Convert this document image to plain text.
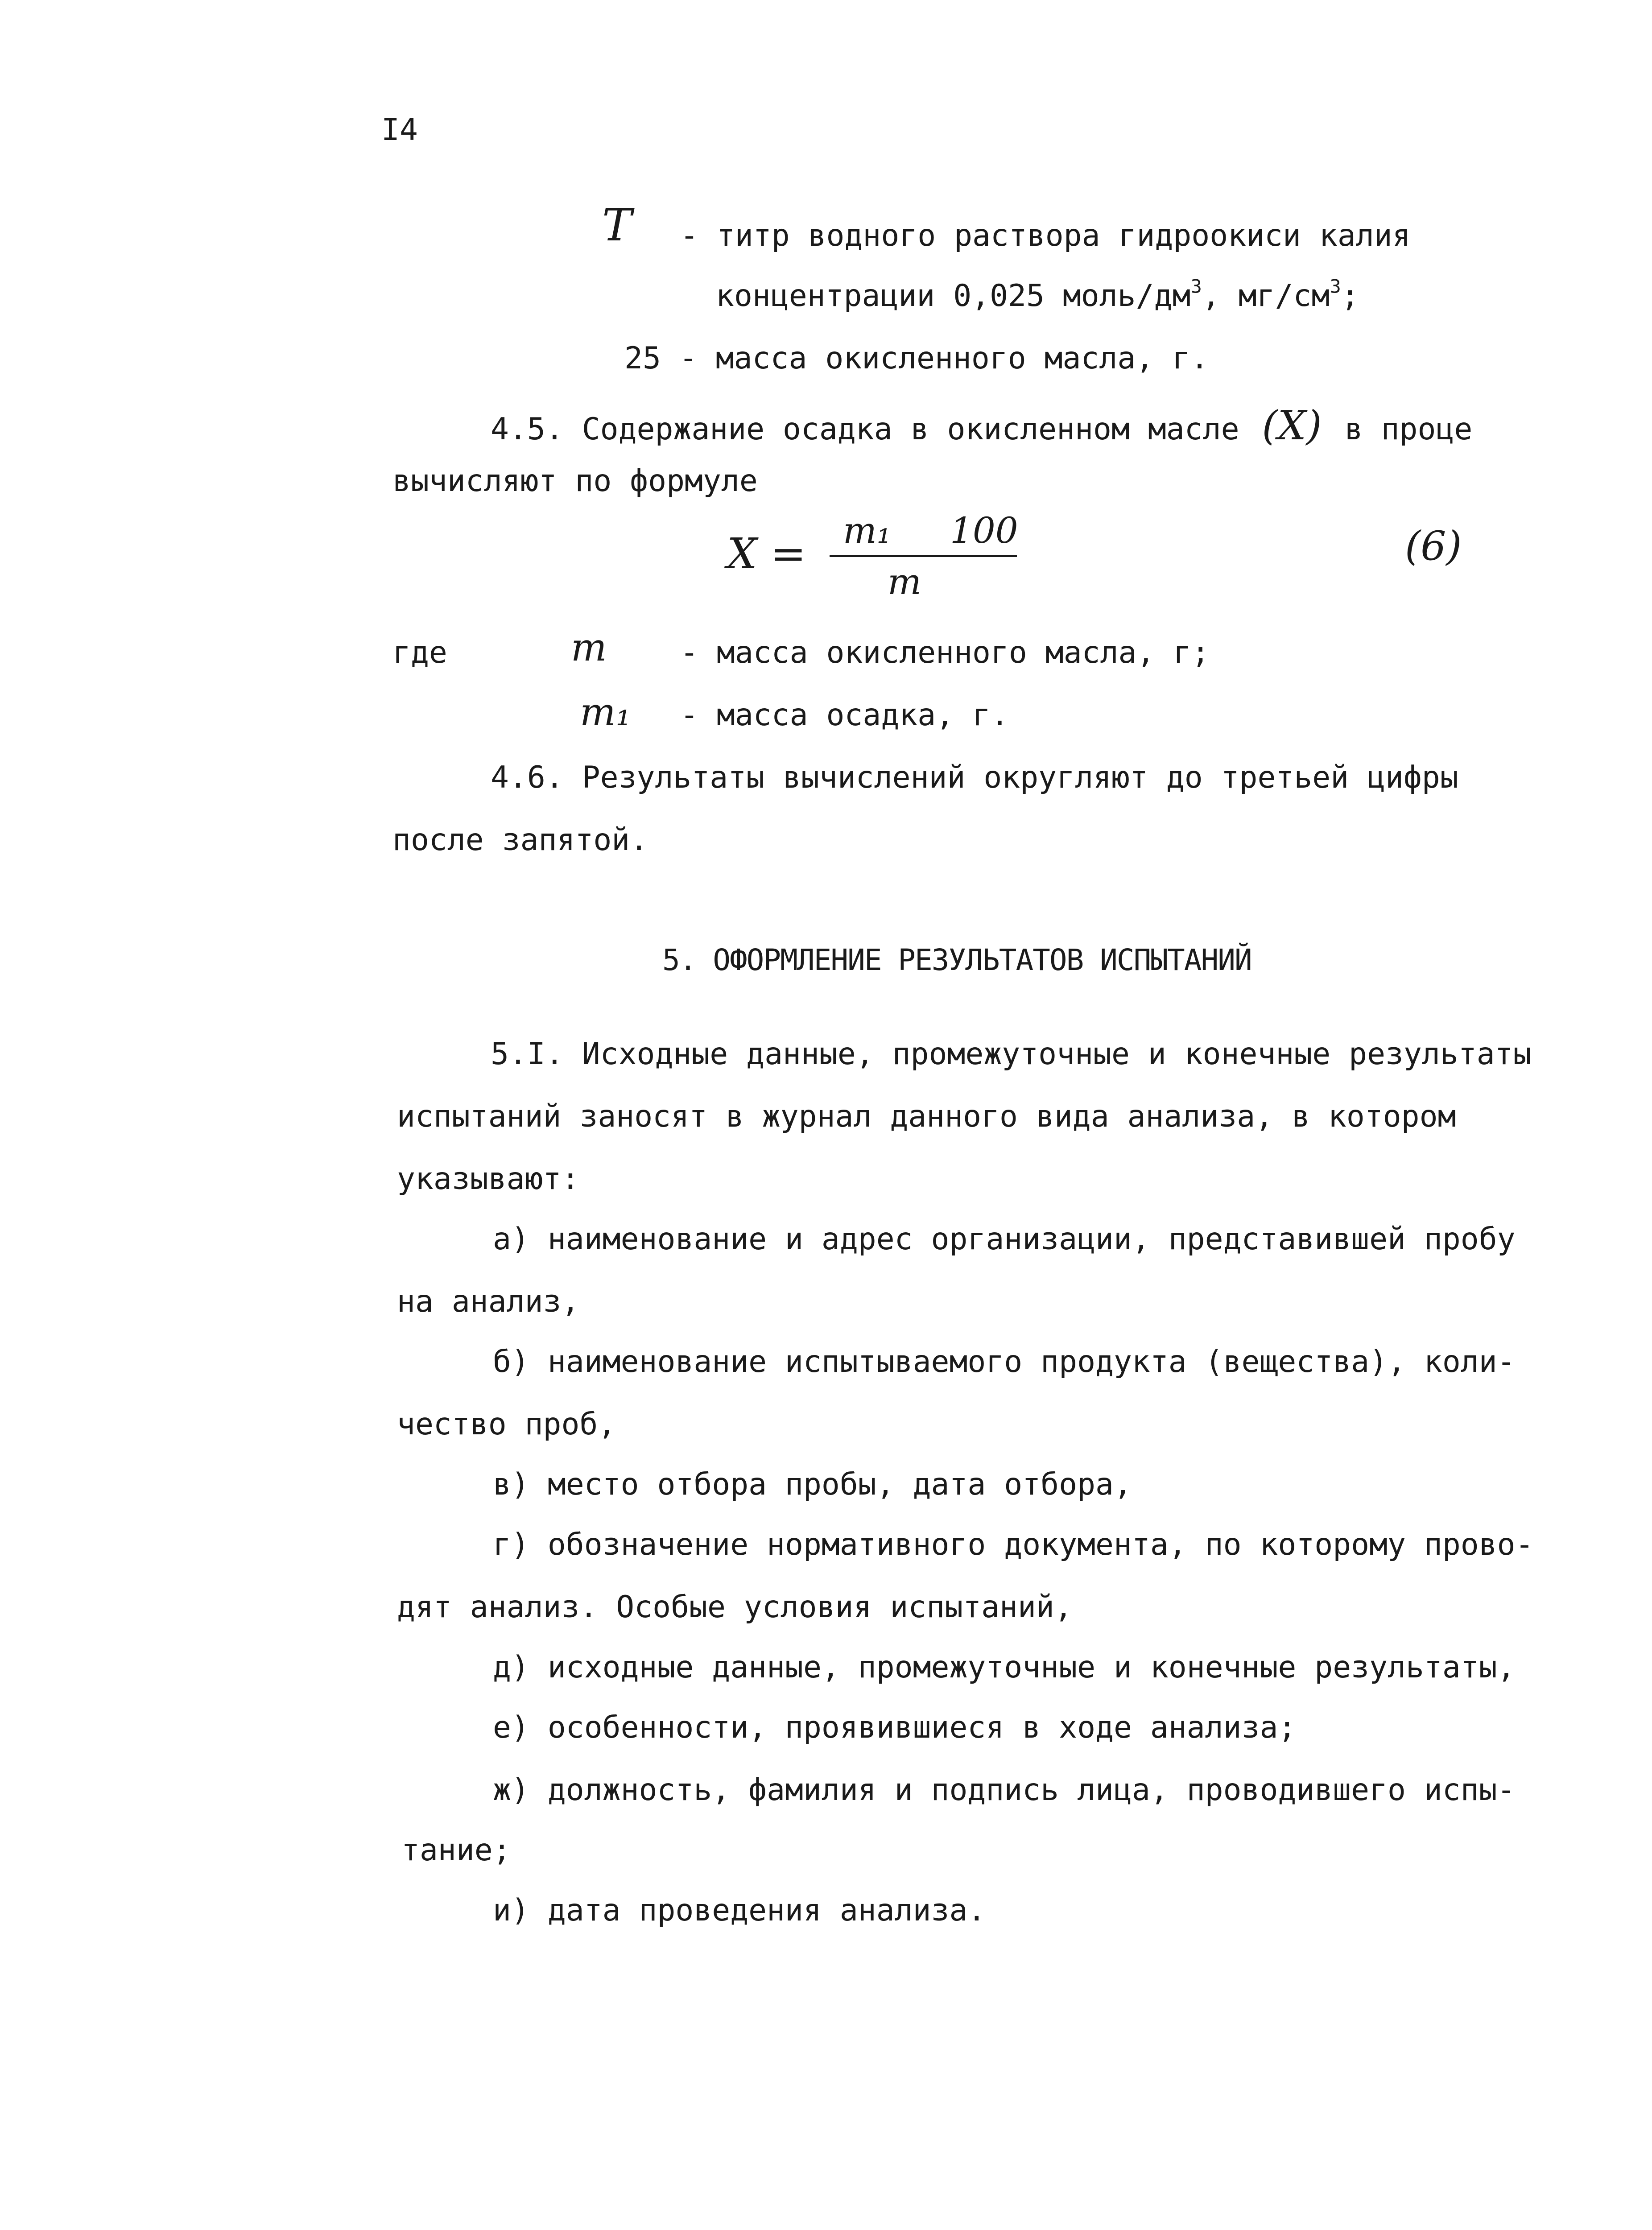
I4
T - титр водного раствора гидроокиси калия
концентрации 0,025 моль/$дм^3$, $мг/см^3$;
25 - масса окисленного масла, г.
4.5. Содержание осадка в окисленном масле (X) в проце
вычисляют по формуле
X = m₁ 100
m
(6)
где	m - масса окисленного масла, г;
m₁ - масса осадка, г.
4.6. Результаты вычислений округляют до третьей цифры
после запятой.
5. ОФОРМЛЕНИЕ РЕЗУЛЬТАТОВ ИСПЫТАНИЙ
5.I. Исходные данные, промежуточные и конечные результаты
испытаний заносят в журнал данного вида анализа, в котором
указывают:
а) наименование и адрес организации, представившей пробу
на анализ,
б) наименование испытываемого продукта (вещества), коли-
чество проб,
в) место отбора пробы, дата отбора,
г) обозначение нормативного документа, по которому прово-
дят анализ. Особые условия испытаний,
д) исходные данные, промежуточные и конечные результаты,
е) особенности, проявившиеся в ходе анализа;
ж) должность, фамилия и подпись лица, проводившего испы-
тание;
и) дата проведения анализа.
